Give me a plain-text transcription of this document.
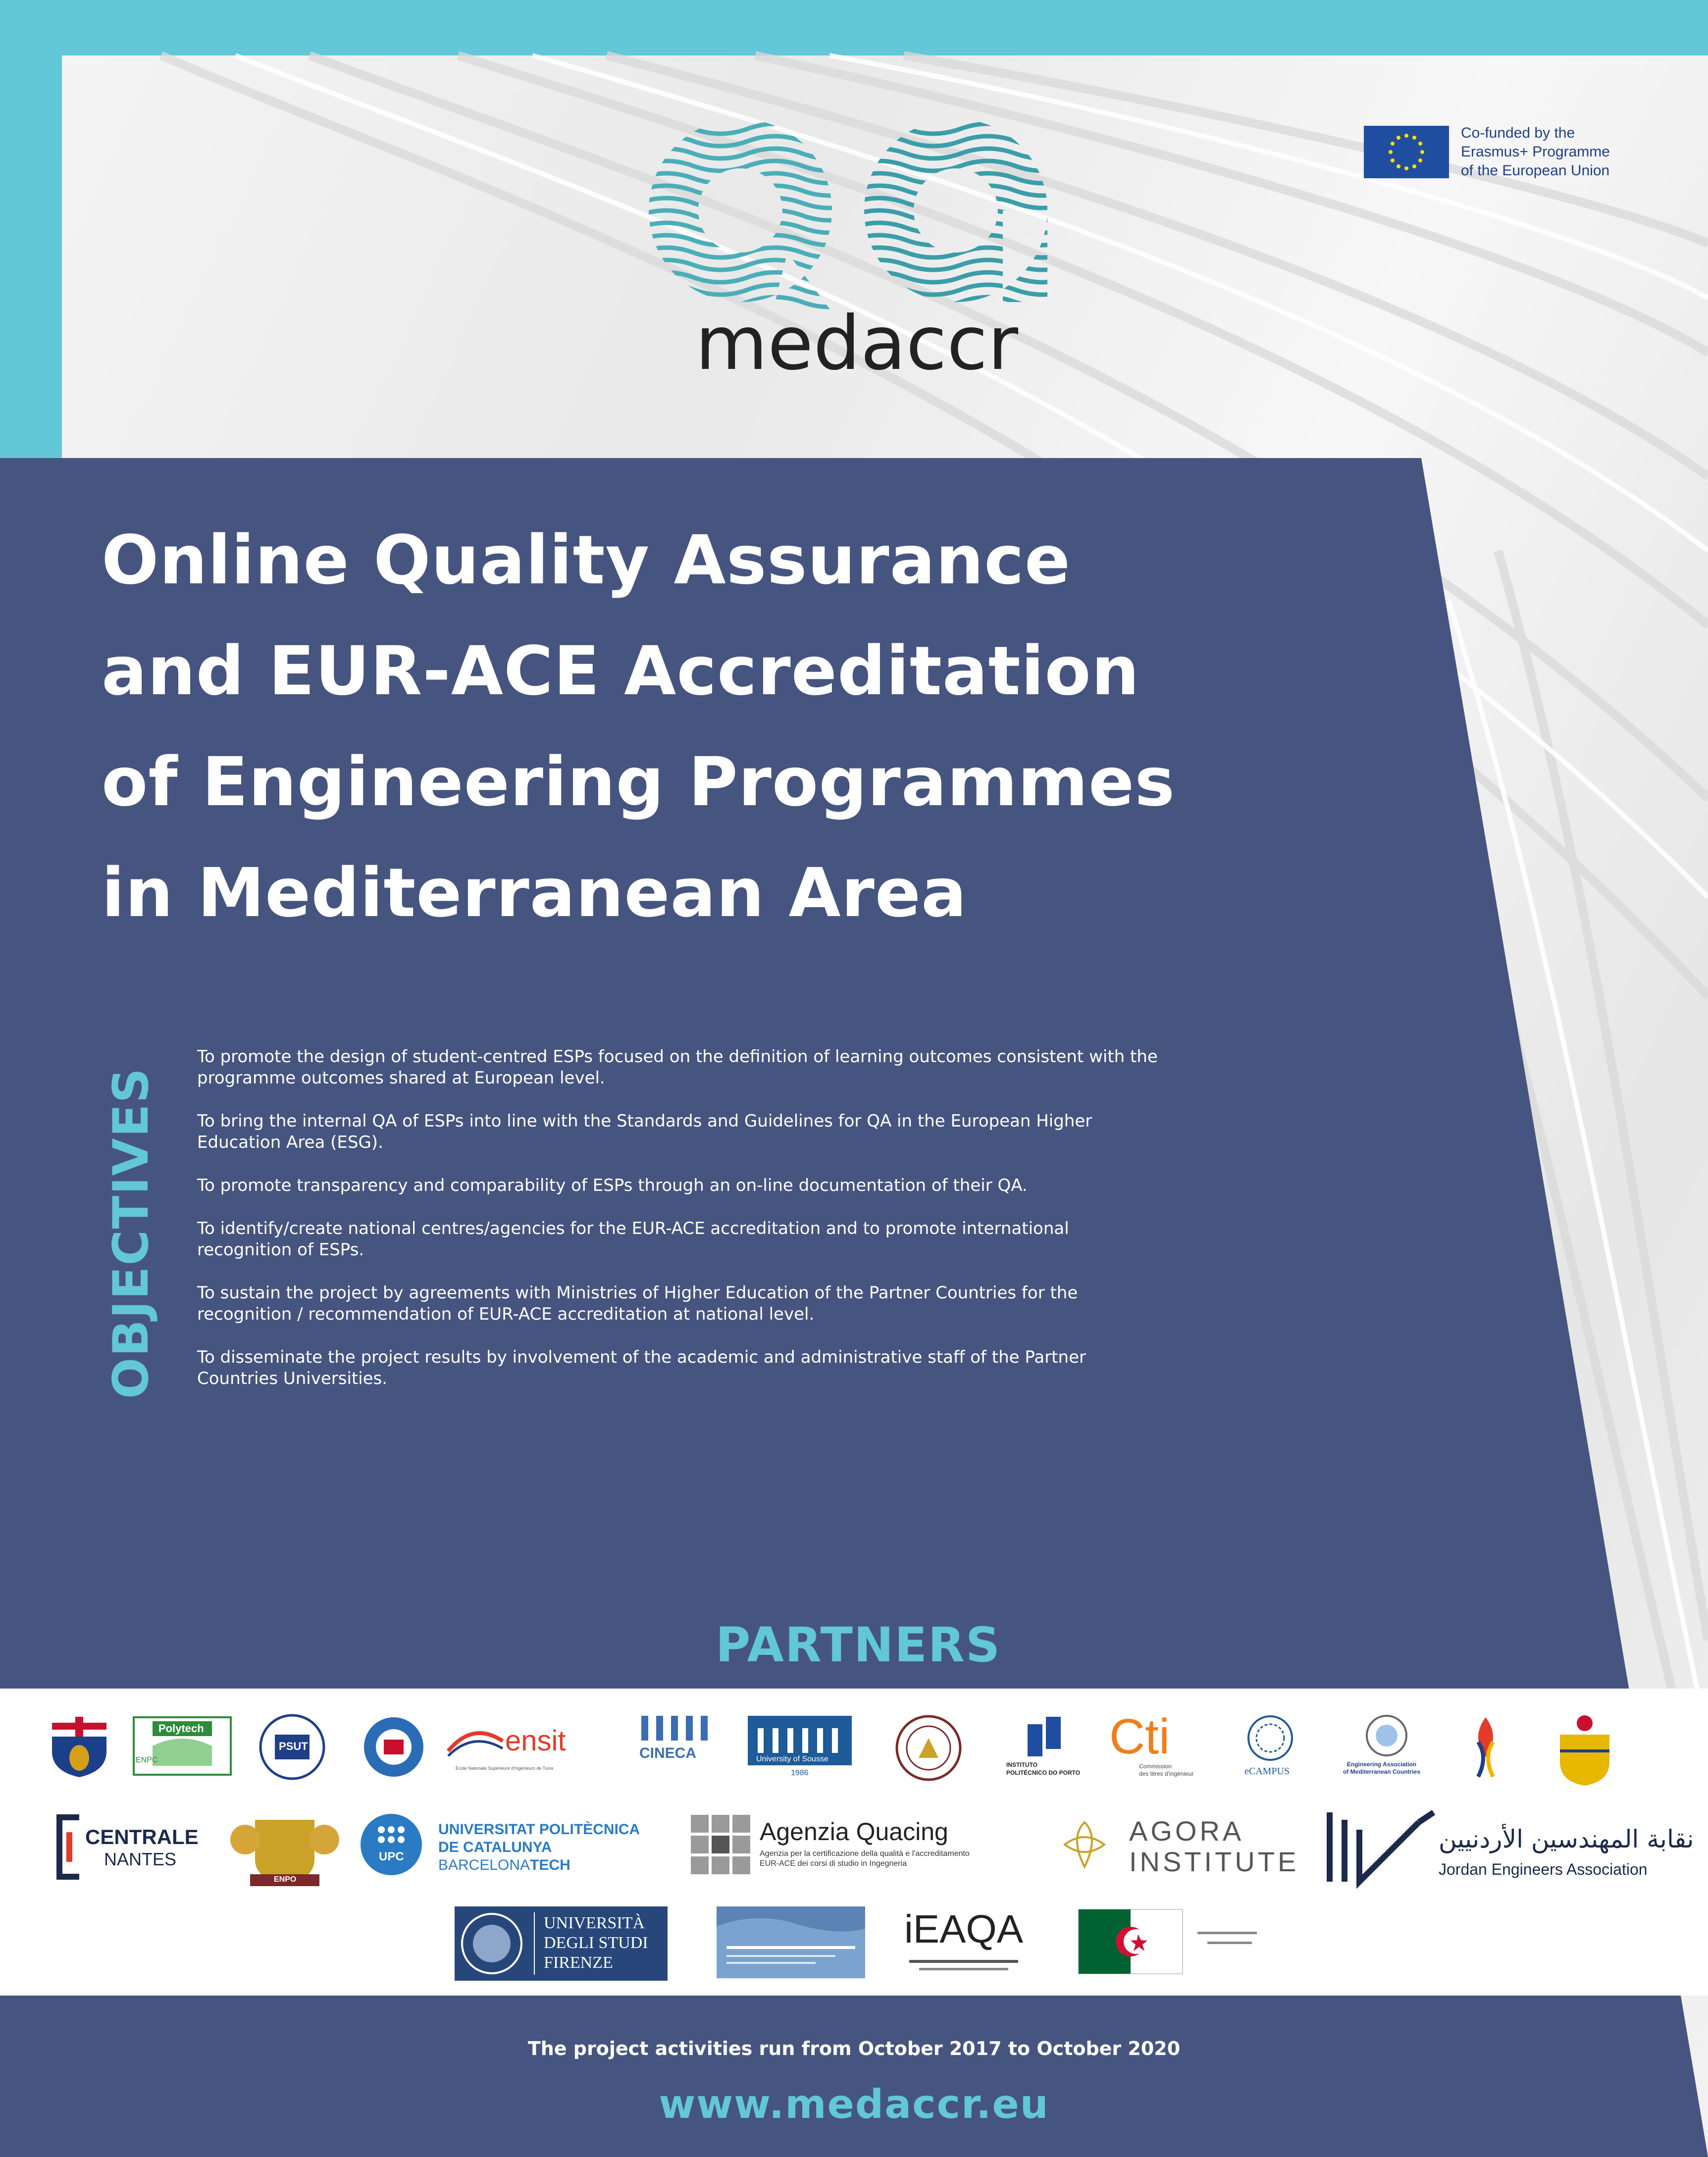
medaccr
Co-funded by the
Erasmus+ Programme
of the European Union
Online Quality Assurance
and EUR-ACE Accreditation
of Engineering Programmes
in Mediterranean Area
OBJECTIVES
To promote the design of student-centred ESPs focused on the definition of learning outcomes consistent with the programme outcomes shared at European level.
To bring the internal QA of ESPs into line with the Standards and Guidelines for QA in the European Higher Education Area (ESG).
To promote transparency and comparability of ESPs through an on-line documentation of their QA.
To identify/create national centres/agencies for the EUR-ACE accreditation and to promote international recognition of ESPs.
To sustain the project by agreements with Ministries of Higher Education of the Partner Countries for the recognition / recommendation of EUR-ACE accreditation at national level.
To disseminate the project results by involvement of the academic and administrative staff of the Partner Countries Universities.
PARTNERS
Polytech
ENPC
PSUT	ensit
École Nationale Supérieure d'Ingénieurs de Tunis
CINECA	University of Sousse
1986
INSTITUTO
POLITÉCNICO DO PORTO
Cti
Commission
des titres d'ingénieur	eCAMPUS
Engineering Association
of Mediterranean Countries
CENTRALE
NANTES
ENPO
UPC
UNIVERSITAT POLITÈCNICA
DE CATALUNYA
BARCELONATECH
Agenzia Quacing
Agenzia per la certificazione della qualità e l'accreditamento
EUR-ACE dei corsi di studio in Ingegneria
AGORA
INSTITUTE
نقابة المهندسين الأردنيين
Jordan Engineers Association
UNIVERSITÀ
DEGLI STUDI
FIRENZE
iEAQA
The project activities run from October 2017 to October 2020
www.medaccr.eu
